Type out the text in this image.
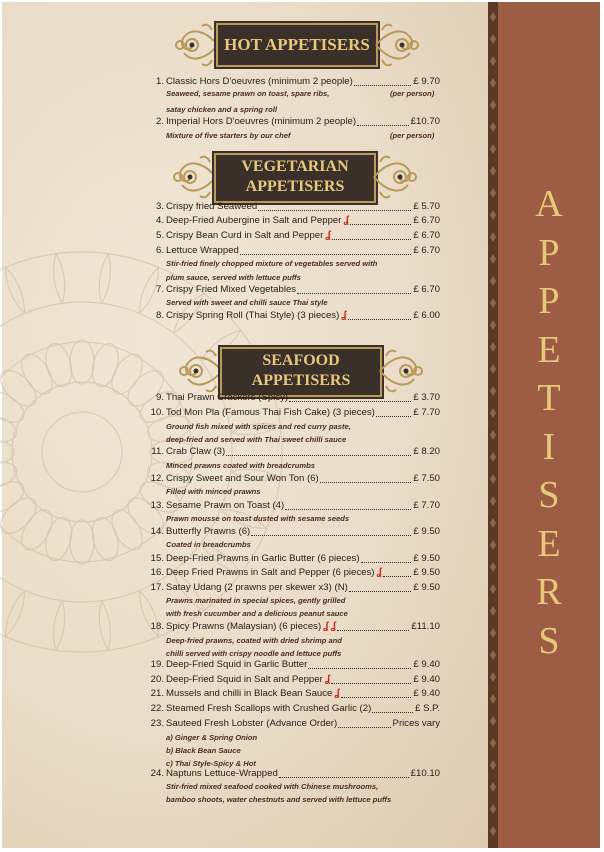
A
P
P
E
T
I
S
E
R
S
HOT APPETISERS
VEGETARIAN
APPETISERS
SEAFOOD
APPETISERS
1. Classic Hors D'oeuvres (minimum 2 people)	£ 9.70
Seaweed, sesame prawn on toast, spare ribs,
satay chicken and a spring roll
(per person)
2. Imperial Hors D'oeuvres (minimum 2 people)	£10.70
Mixture of five starters by our chef	(per person)
3. Crispy fried Seaweed	£ 5.70
4. Deep-Fried Aubergine in Salt and Pepper ʆ	£ 6.70
5. Crispy Bean Curd in Salt and Pepper ʆ	£ 6.70
6. Lettuce Wrapped	£ 6.70
Stir-fried finely chopped mixture of vegetables served with
plum sauce, served with lettuce puffs
7. Crispy Fried Mixed Vegetables	£ 6.70
Served with sweet and chilli sauce Thai style
8. Crispy Spring Roll (Thai Style) (3 pieces) ʆ	£ 6.00
9. Thai Prawn Crackers (Spicy)	£ 3.70
10. Tod Mon Pla (Famous Thai Fish Cake) (3 pieces)	£ 7.70
Ground fish mixed with spices and red curry paste,
deep-fried and served with Thai sweet chilli sauce
11. Crab Claw (3)	£ 8.20
Minced prawns coated with breadcrumbs
12. Crispy Sweet and Sour Won Ton (6)	£ 7.50
Filled with minced prawns
13. Sesame Prawn on Toast (4)	£ 7.70
Prawn mousse on toast dusted with sesame seeds
14. Butterfly Prawns (6)	£ 9.50
Coated in breadcrumbs
15. Deep-Fried Prawns in Garlic Butter (6 pieces)	£ 9.50
16. Deep Fried Prawns in Salt and Pepper (6 pieces) ʆ	£ 9.50
17. Satay Udang (2 prawns per skewer x3) (N)	£ 9.50
Prawns marinated in special spices, gently grilled
with fresh cucumber and a delicious peanut sauce
18. Spicy Prawns (Malaysian) (6 pieces) ʆ ʆ	£11.10
Deep-fried prawns, coated with dried shrimp and
chilli served with crispy noodle and lettuce puffs
19. Deep-Fried Squid in Garlic Butter	£ 9.40
20. Deep-Fried Squid in Salt and Pepper ʆ	£ 9.40
21. Mussels and chilli in Black Bean Sauce ʆ	£ 9.40
22. Steamed Fresh Scallops with Crushed Garlic (2)	£ S.P.
23. Sauteed Fresh Lobster (Advance Order)	Prices vary
a) Ginger & Spring Onion
b) Black Bean Sauce
c) Thai Style-Spicy & Hot
24. Naptuns Lettuce-Wrapped	£10.10
Stir-fried mixed seafood cooked with Chinese mushrooms,
bamboo shoots, water chestnuts and served with lettuce puffs
